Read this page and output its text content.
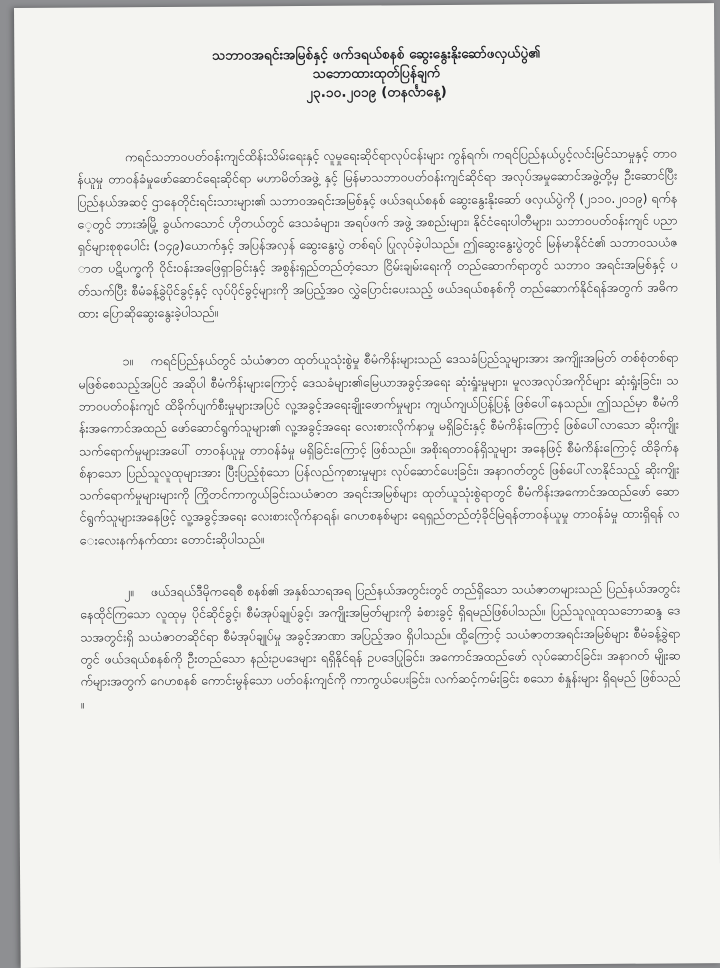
သဘာဝအရင်းအမြစ်နှင့် ဖက်ဒရယ်စနစ် ဆွေးနွေးနိုးဆော်ဖလှယ်ပွဲ၏

သဘောထားထုတ်ပြန်ချက်

၂၃.၁၀.၂၀၁၉ (တနင်္လာနေ့)

ကရင်သဘာဝပတ်ဝန်းကျင်ထိန်းသိမ်းရေးနှင့် လူမှုရေးဆိုင်ရာလုပ်ငန်းများ ကွန်ရက်၊ ကရင်ပြည်နယ်ပွင့်လင်းမြင်သာမှုနှင့် တာဝန်ယူမှု တာဝန်ခံမှုဖော်ဆောင်ရေးဆိုင်ရာ မဟာမိတ်အဖွဲ့ နှင့် မြန်မာသဘာဝပတ်ဝန်းကျင်ဆိုင်ရာ အလုပ်အမှုဆောင်အဖွဲ့တို့မှ ဦးဆောင်ပြီး ပြည်နယ်အဆင့် ဌာနေတိုင်းရင်းသားများ၏ သဘာဝအရင်းအမြစ်နှင့် ဖယ်ဒရယ်စနစ် ဆွေးနွေးနိုးဆော် ဖလှယ်ပွဲကို (၂၁၁၀.၂၀၁၉) ရက်နေ့တွင် ဘားအံမြို့ ခွယ်ကသောင် ဟိုတယ်တွင် ဒေသခံများ၊ အရပ်ဖက် အဖွဲ့ အစည်းများ၊ နိုင်ငံရေးပါတီများ၊ သဘာဝပတ်ဝန်းကျင် ပညာရှင်များစုစုပေါင်း (၁၄၉)ယောက်နှင့် အပြန်အလှန် ဆွေးနွေးပွဲ တစ်ရပ် ပြုလုပ်ခဲ့ပါသည်။ ဤဆွေးနွေးပွဲတွင် မြန်မာနိုင်ငံ၏ သဘာဝသယံဇာတ ပဋိပက္ခကို ဝိုင်းဝန်းအဖြေရှာခြင်းနှင့် အစွန်းရှည်တည်တံ့သော ငြိမ်းချမ်းရေးကို တည်ဆောက်ရာတွင် သဘာဝ အရင်းအမြစ်နှင့် ပတ်သက်ပြီး စီမံခန့်ခွဲပိုင်ခွင့်နှင့် လုပ်ပိုင်ခွင့်များကို အပြည့်အဝ လွှဲပြောင်းပေးသည့် ဖယ်ဒရယ်စနစ်ကို တည်ဆောက်နိုင်ရန်အတွက် အဓိကထား ပြောဆိုဆွေးနွေးခဲ့ပါသည်။

၁။ ကရင်ပြည်နယ်တွင် သံယံဇာတ ထုတ်ယူသုံးစွဲမှု စီမံကိန်းများသည် ဒေသခံပြည်သူများအား အကျိုးအမြတ် တစ်စုံတစ်ရာ မဖြစ်စေသည့်အပြင် အဆိုပါ စီမံကိန်းများကြောင့် ဒေသခံများ၏မြေယာအခွင့်အရေး ဆုံးရှုံးမှုများ၊ မူလအလုပ်အကိုင်များ ဆုံးရှုံးခြင်း၊ သဘာဝပတ်ဝန်းကျင် ထိခိုက်ပျက်စီးမှုများအပြင် လူ့အခွင့်အရေးချိုးဖောက်မှုများ ကျယ်ကျယ်ပြန့်ပြန့် ဖြစ်ပေါ်နေသည်။ ဤသည်မှာ စီမံကိန်းအကောင်အထည် ဖော်ဆောင်ရွက်သူများ၏ လူ့အခွင့်အရေး လေးစားလိုက်နာမှု မရှိခြင်းနှင့် စီမံကိန်းကြောင့် ဖြစ်ပေါ်လာသော ဆိုးကျိုးသက်ရောက်မှုများအပေါ် တာဝန်ယူမှု တာဝန်ခံမှု မရှိခြင်းကြောင့် ဖြစ်သည်။ အစိုးရတာဝန်ရှိသူများ အနေဖြင့် စီမံကိန်းကြောင့် ထိခိုက်နစ်နာသော ပြည်သူလူထုများအား ပြီးပြည့်စုံသော ပြန်လည်ကုစားမှုများ လုပ်ဆောင်ပေးခြင်း၊ အနာဂတ်တွင် ဖြစ်ပေါ်လာနိုင်သည့် ဆိုးကျိုးသက်ရောက်မှုများများကို ကြိုတင်ကာကွယ်ခြင်းသယံဇာတ အရင်းအမြစ်များ ထုတ်ယူသုံးစွဲရာတွင် စီမံကိန်းအကောင်အထည်ဖော် ဆောင်ရွက်သူများအနေဖြင့် လူ့အခွင့်အရေး လေးစားလိုက်နာရန်၊ ဂေဟစနစ်များ ရေရှည်တည်တံ့ခိုင်မြဲရန်တာဝန်ယူမှု တာဝန်ခံမှု ထားရှိရန် လေးလေးနက်နက်ထား တောင်းဆိုပါသည်။

၂။ ဖယ်ဒရယ်ဒီမိုကရေစီ စနစ်၏ အနှစ်သာရအရ ပြည်နယ်အတွင်းတွင် တည်ရှိသော သယံဇာတများသည် ပြည်နယ်အတွင်းနေထိုင်ကြသော လူထုမှ ပိုင်ဆိုင်ခွင့်၊ စီမံအုပ်ချုပ်ခွင့်၊ အကျိုးအမြတ်များကို ခံစားခွင့် ရှိရမည်ဖြစ်ပါသည်။ ပြည်သူလူထုသဘောဆန္ဒ ဒေသအတွင်းရှိ သယံဇာတဆိုင်ရာ စီမံအုပ်ချုပ်မှု အခွင့်အာဏာ အပြည့်အဝ ရှိပါသည်။ ထို့ကြောင့် သယံဇာတအရင်းအမြစ်များ စီမံခန့်ခွဲရာတွင် ဖယ်ဒရယ်စနစ်ကို ဦးတည်သော နည်းဥပဒေများ ရရှိနိုင်ရန် ဥပဒေပြုခြင်း၊ အကောင်အထည်ဖော် လုပ်ဆောင်ခြင်း၊ အနာဂတ် မျိုးဆက်များအတွက် ဂေဟစနစ် ကောင်းမွန်သော ပတ်ဝန်းကျင်ကို ကာကွယ်ပေးခြင်း၊ လက်ဆင့်ကမ်းခြင်း စသော စံနှုန်းများ ရှိရမည် ဖြစ်သည်။
